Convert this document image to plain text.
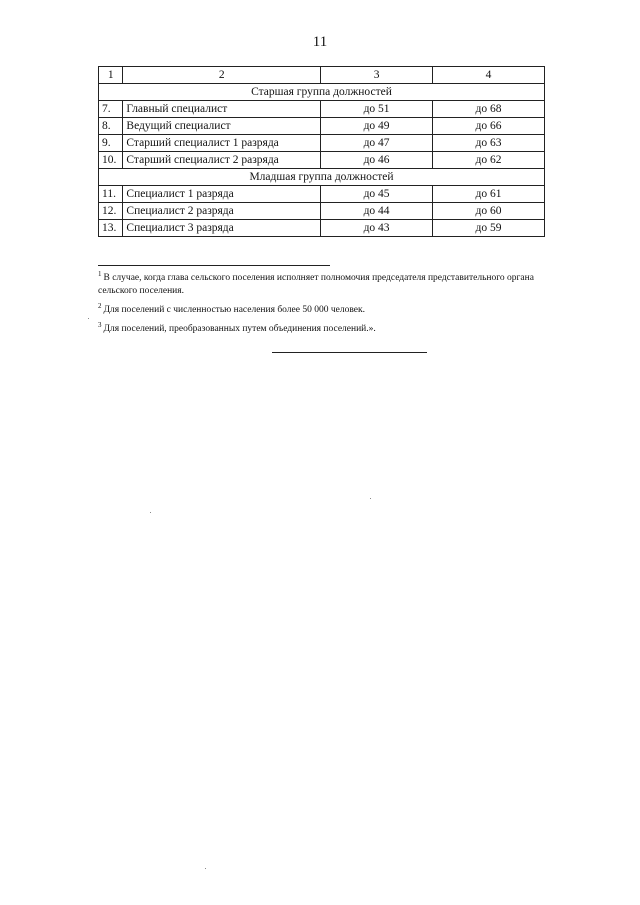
11
1	2	3	4
Старшая группа должностей			
7.	Главный специалист	до 51	до 68
8.	Ведущий специалист	до 49	до 66
9.	Старший специалист 1 разряда	до 47	до 63
10.	Старший специалист 2 разряда	до 46	до 62
Младшая группа должностей			
11.	Специалист 1 разряда	до 45	до 61
12.	Специалист 2 разряда	до 44	до 60
13.	Специалист 3 разряда	до 43	до 59

$^1$ В случае, когда глава сельского поселения исполняет полномочия председателя представительного органа сельского поселения.

$^2$ Для поселений с численностью населения более 50 000 человек.

$^3$ Для поселений, преобразованных путем объединения поселений.».
